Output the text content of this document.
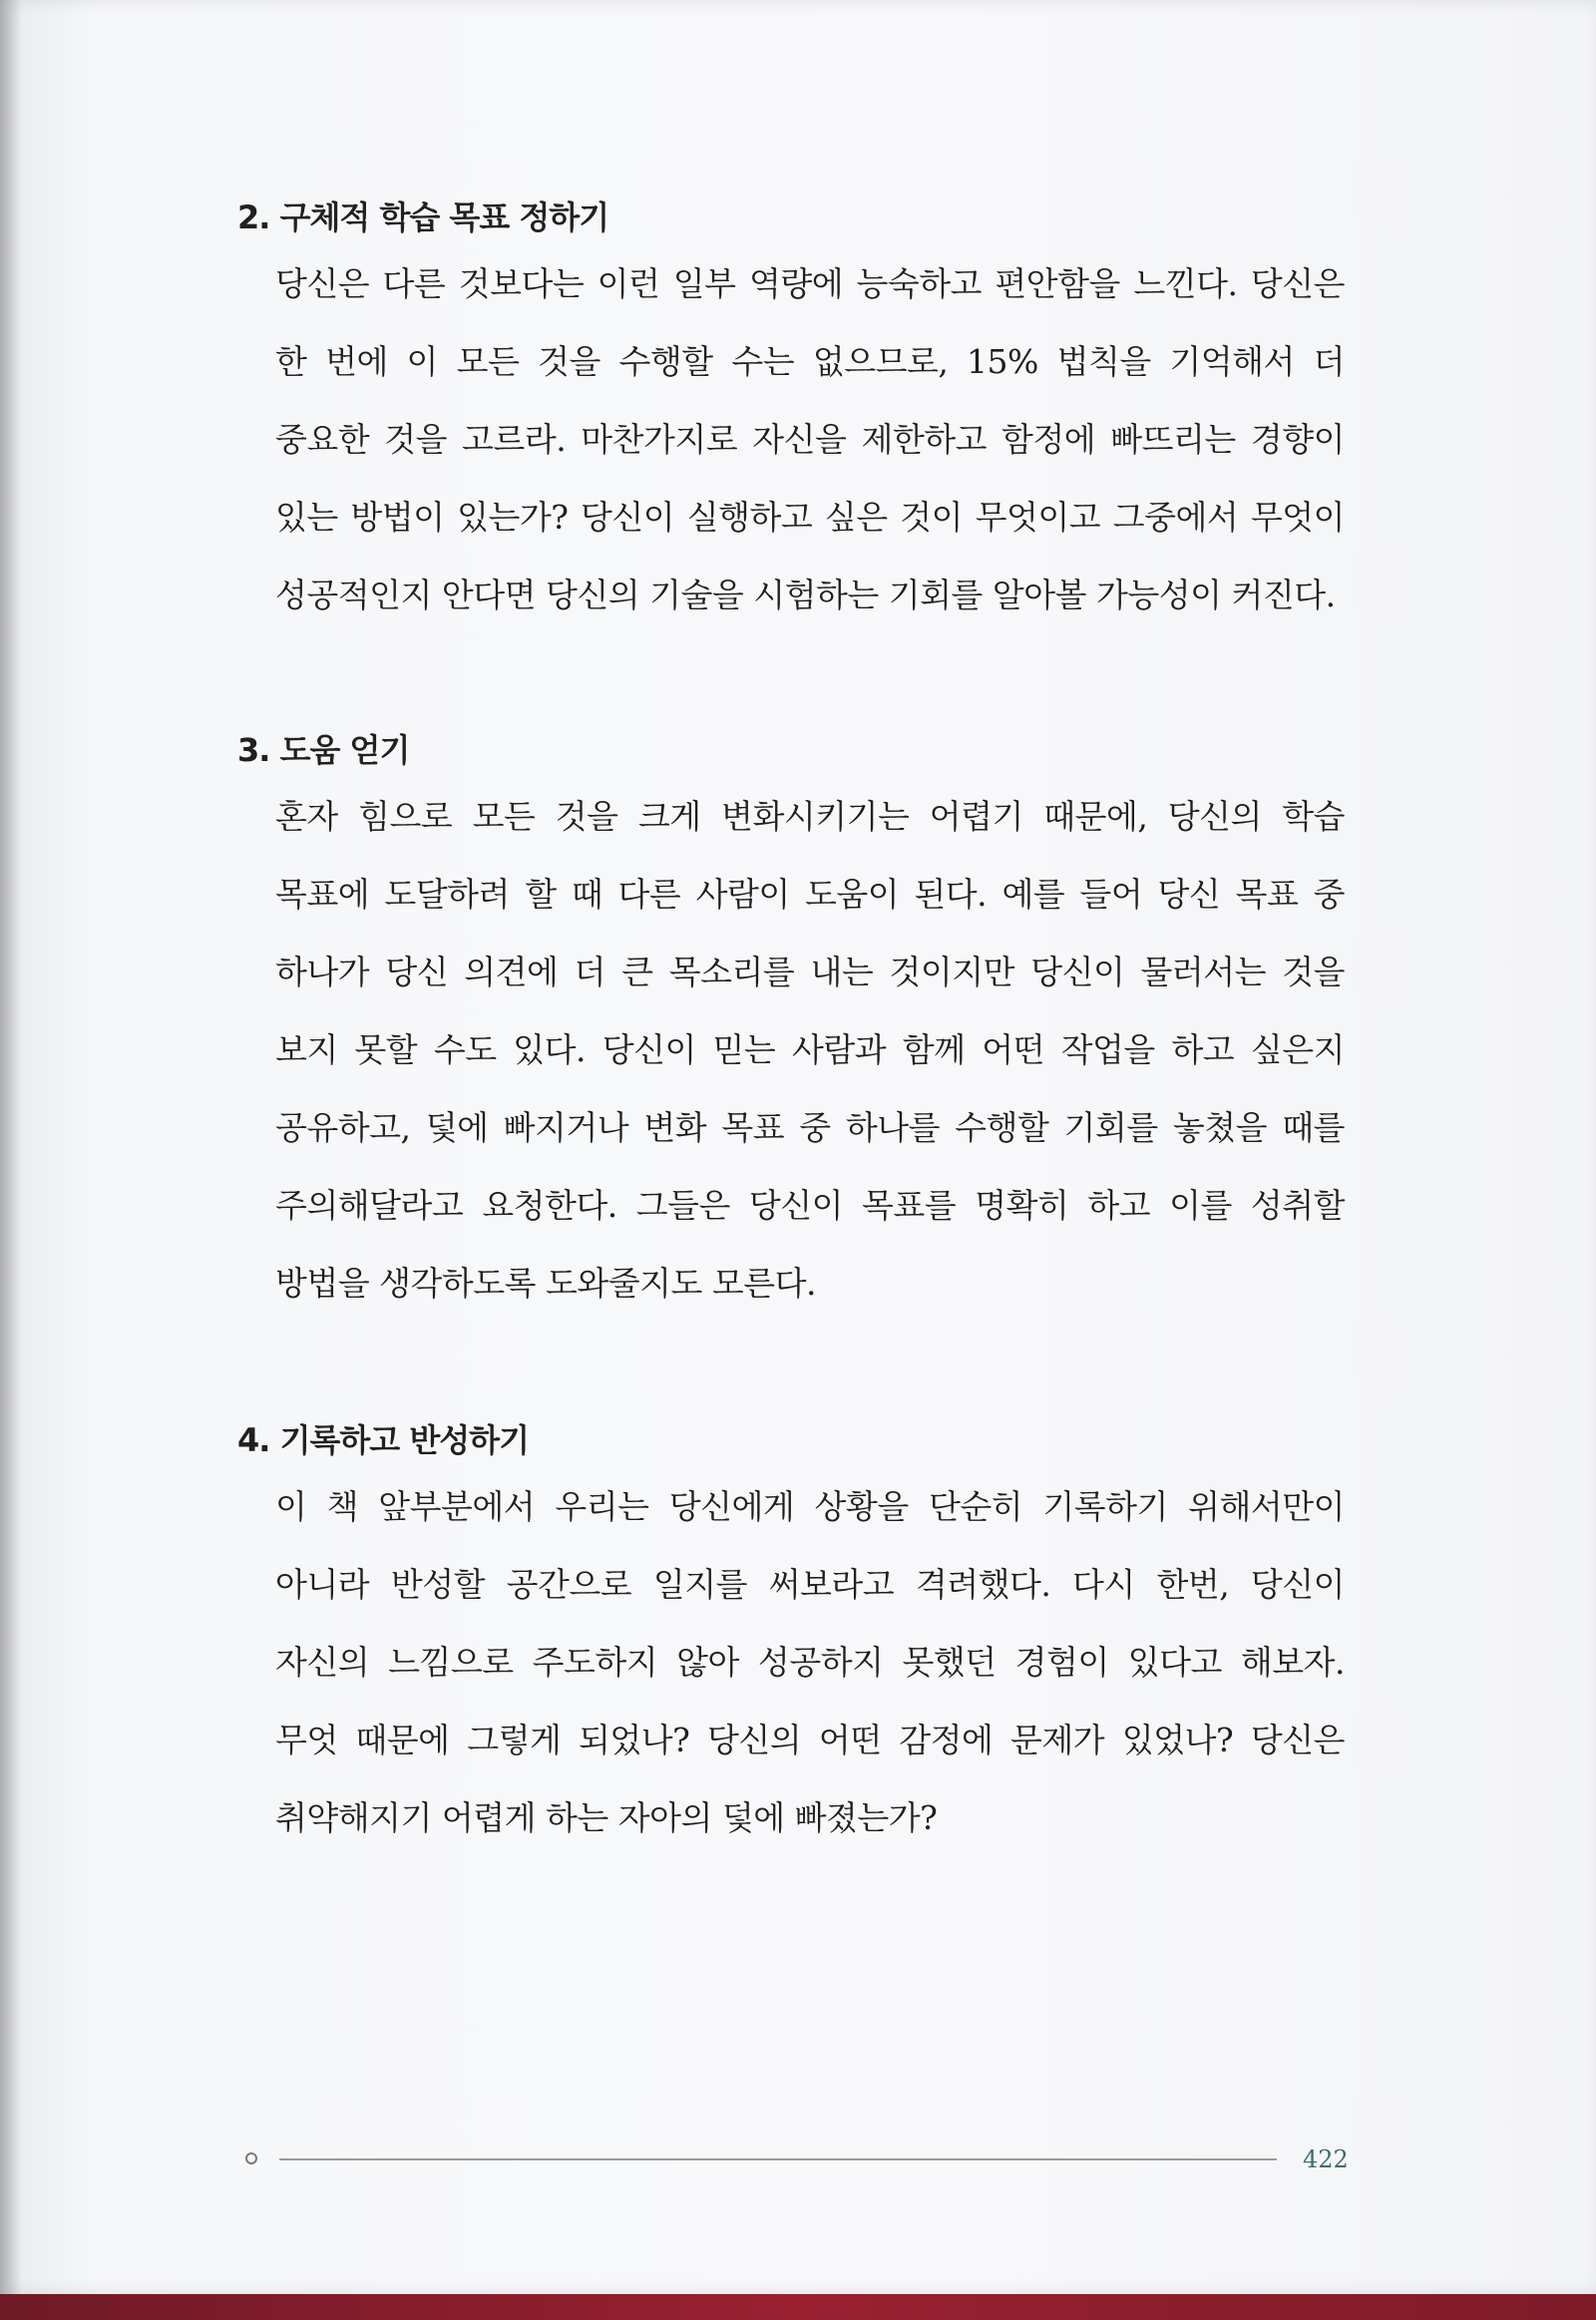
2. 구체적 학습 목표 정하기

당신은 다른 것보다는 이런 일부 역량에 능숙하고 편안함을 느낀다. 당신은 한 번에 이 모든 것을 수행할 수는 없으므로, 15% 법칙을 기억해서 더 중요한 것을 고르라. 마찬가지로 자신을 제한하고 함정에 빠뜨리는 경향이 있는 방법이 있는가? 당신이 실행하고 싶은 것이 무엇이고 그중에서 무엇이 성공적인지 안다면 당신의 기술을 시험하는 기회를 알아볼 가능성이 커진다.

3. 도움 얻기

혼자 힘으로 모든 것을 크게 변화시키기는 어렵기 때문에, 당신의 학습 목표에 도달하려 할 때 다른 사람이 도움이 된다. 예를 들어 당신 목표 중 하나가 당신 의견에 더 큰 목소리를 내는 것이지만 당신이 물러서는 것을 보지 못할 수도 있다. 당신이 믿는 사람과 함께 어떤 작업을 하고 싶은지 공유하고, 덫에 빠지거나 변화 목표 중 하나를 수행할 기회를 놓쳤을 때를 주의해달라고 요청한다. 그들은 당신이 목표를 명확히 하고 이를 성취할 방법을 생각하도록 도와줄지도 모른다.

4. 기록하고 반성하기

이 책 앞부분에서 우리는 당신에게 상황을 단순히 기록하기 위해서만이 아니라 반성할 공간으로 일지를 써보라고 격려했다. 다시 한번, 당신이 자신의 느낌으로 주도하지 않아 성공하지 못했던 경험이 있다고 해보자. 무엇 때문에 그렇게 되었나? 당신의 어떤 감정에 문제가 있었나? 당신은 취약해지기 어렵게 하는 자아의 덫에 빠졌는가?

422
